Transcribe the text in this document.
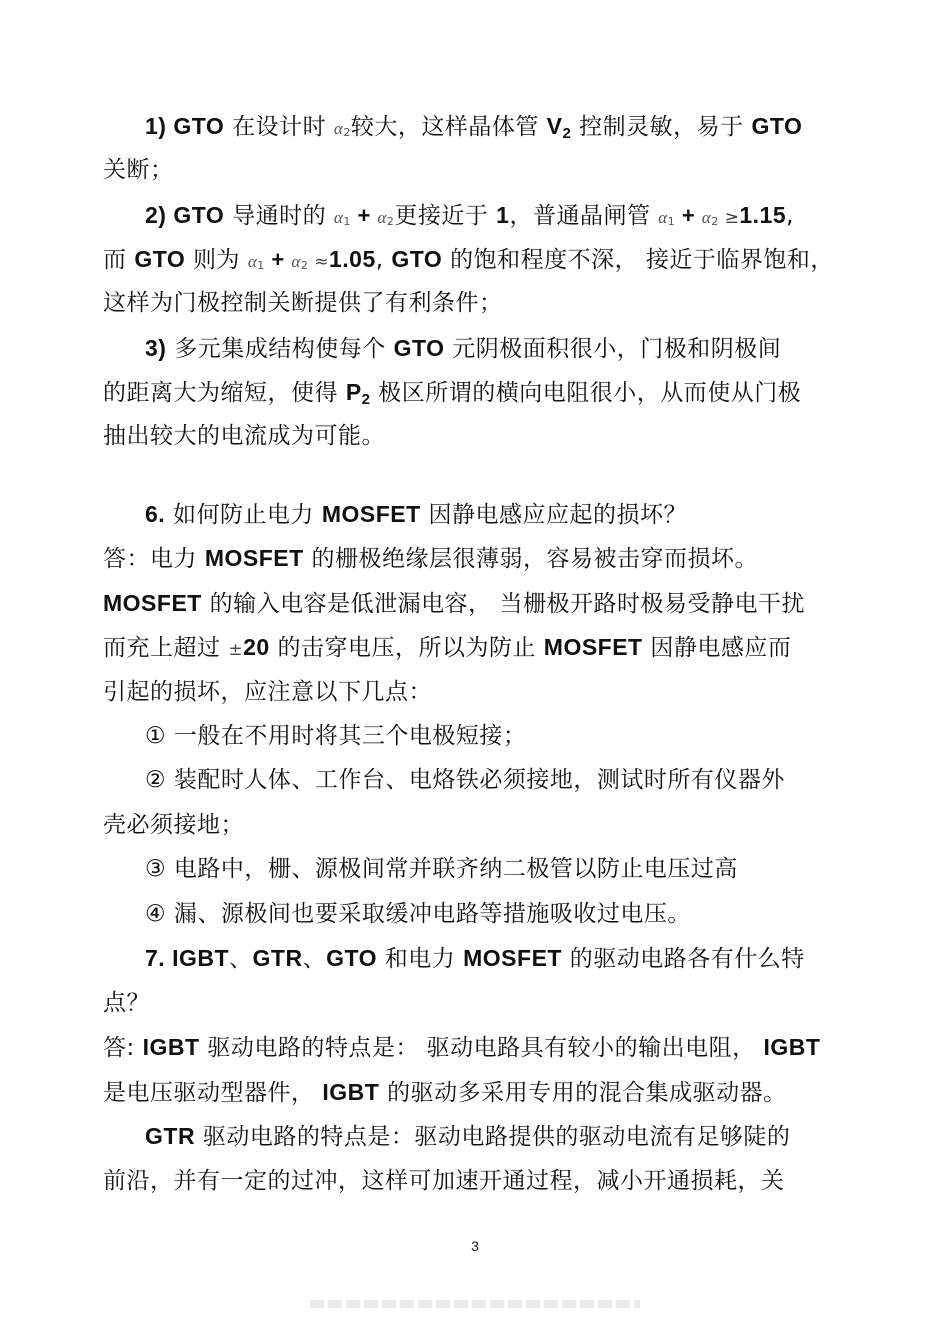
1) GTO 在设计时 α2较大，这样晶体管 $V_2$ 控制灵敏，易于 GTO
关断；
2) GTO 导通时的 α1 + α2更接近于 1，普通晶闸管 α1 + α2 ≥1.15,
而 GTO 则为 α1 + α2 ≈1.05, GTO 的饱和程度不深， 接近于临界饱和，
这样为门极控制关断提供了有利条件；
3) 多元集成结构使每个 GTO 元阴极面积很小，门极和阴极间
的距离大为缩短，使得 $P_2$ 极区所谓的横向电阻很小，从而使从门极
抽出较大的电流成为可能。
6. 如何防止电力 MOSFET 因静电感应应起的损坏？
答：电力 MOSFET 的栅极绝缘层很薄弱，容易被击穿而损坏。
MOSFET 的输入电容是低泄漏电容， 当栅极开路时极易受静电干扰
而充上超过 ±20 的击穿电压，所以为防止 MOSFET 因静电感应而
引起的损坏，应注意以下几点：
① 一般在不用时将其三个电极短接；
② 装配时人体、工作台、电烙铁必须接地，测试时所有仪器外
壳必须接地；
③ 电路中，栅、源极间常并联齐纳二极管以防止电压过高
④ 漏、源极间也要采取缓冲电路等措施吸收过电压。
7. IGBT、GTR、GTO 和电力 MOSFET 的驱动电路各有什么特
点？
答: IGBT 驱动电路的特点是： 驱动电路具有较小的输出电阻， IGBT
是电压驱动型器件， IGBT 的驱动多采用专用的混合集成驱动器。
GTR 驱动电路的特点是：驱动电路提供的驱动电流有足够陡的
前沿，并有一定的过冲，这样可加速开通过程，减小开通损耗，关
3
